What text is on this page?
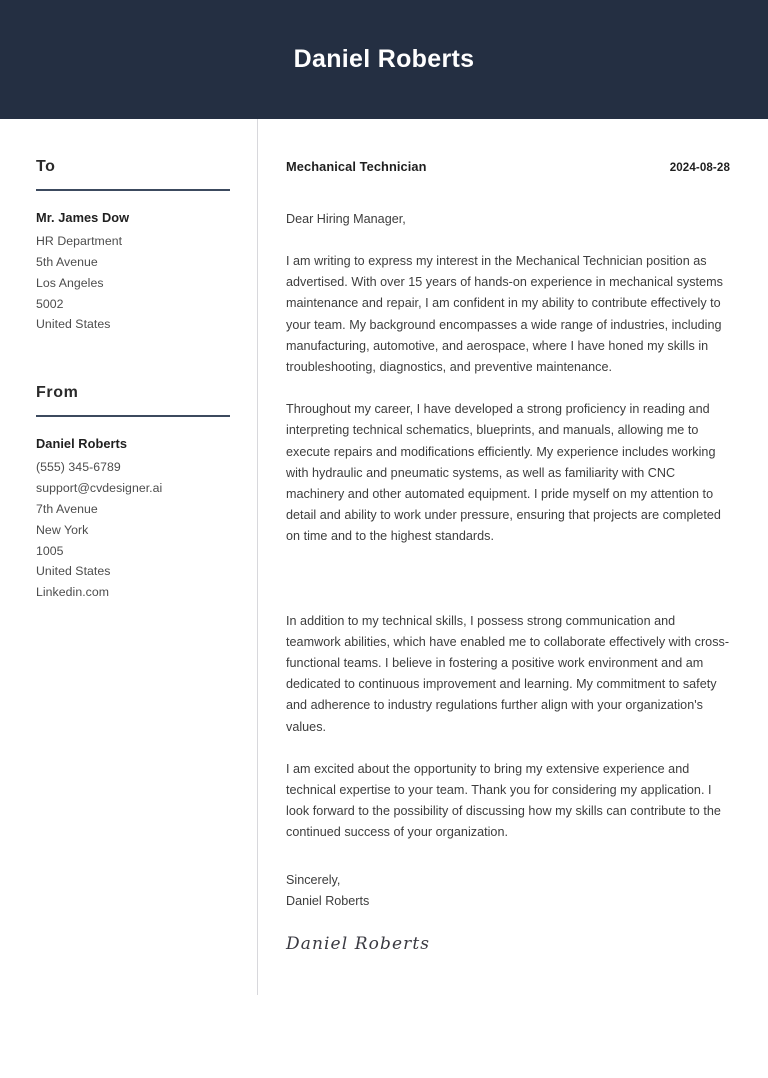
Daniel Roberts
To
Mr. James Dow
HR Department
5th Avenue
Los Angeles
5002
United States
From
Daniel Roberts
(555) 345-6789
support@cvdesigner.ai
7th Avenue
New York
1005
United States
Linkedin.com
Mechanical Technician	2024-08-28
Dear Hiring Manager,

I am writing to express my interest in the Mechanical Technician position as advertised. With over 15 years of hands-on experience in mechanical systems maintenance and repair, I am confident in my ability to contribute effectively to your team. My background encompasses a wide range of industries, including manufacturing, automotive, and aerospace, where I have honed my skills in troubleshooting, diagnostics, and preventive maintenance.

Throughout my career, I have developed a strong proficiency in reading and interpreting technical schematics, blueprints, and manuals, allowing me to execute repairs and modifications efficiently. My experience includes working with hydraulic and pneumatic systems, as well as familiarity with CNC machinery and other automated equipment. I pride myself on my attention to detail and ability to work under pressure, ensuring that projects are completed on time and to the highest standards.

In addition to my technical skills, I possess strong communication and teamwork abilities, which have enabled me to collaborate effectively with cross-functional teams. I believe in fostering a positive work environment and am dedicated to continuous improvement and learning. My commitment to safety and adherence to industry regulations further align with your organization's values.

I am excited about the opportunity to bring my extensive experience and technical expertise to your team. Thank you for considering my application. I look forward to the possibility of discussing how my skills can contribute to the continued success of your organization.

Sincerely,
Daniel Roberts
Daniel Roberts
